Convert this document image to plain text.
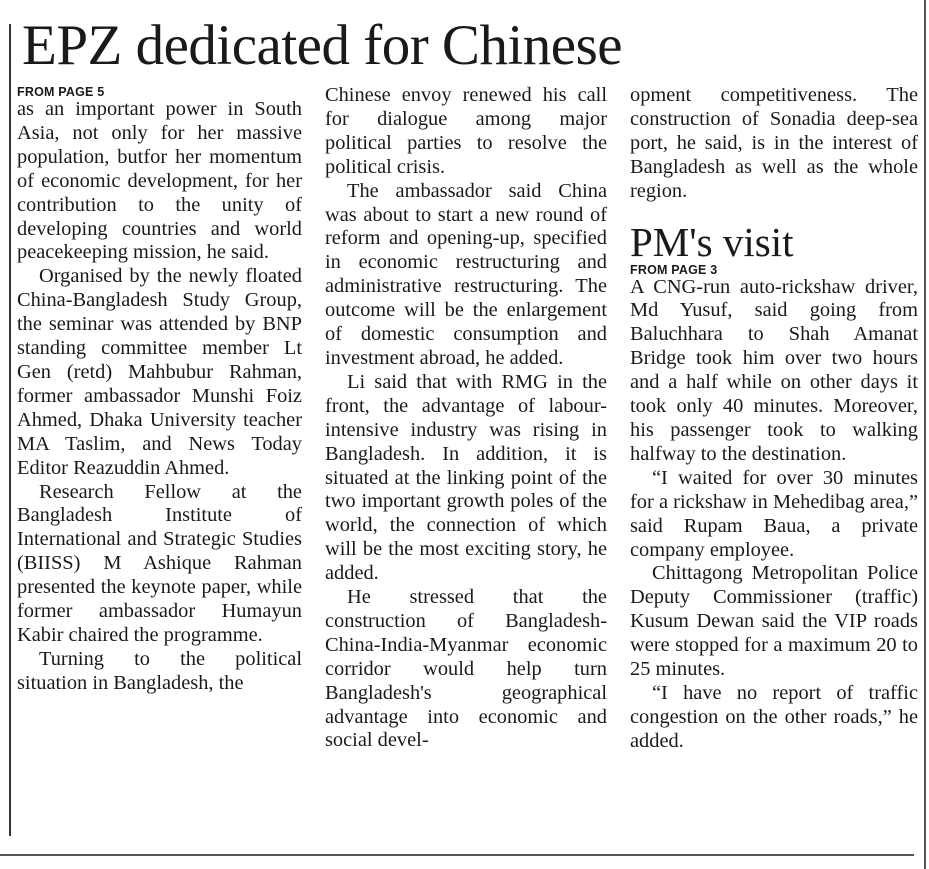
EPZ dedicated for Chinese
FROM PAGE 5

as an important power in South Asia, not only for her massive population, butfor her momentum of economic development, for her contribution to the unity of developing countries and world peacekeeping mission, he said.

Organised by the newly floated China-Bangladesh Study Group, the seminar was attended by BNP standing committee member Lt Gen (retd) Mahbubur Rahman, former ambassador Munshi Foiz Ahmed, Dhaka University teacher MA Taslim, and News Today Editor Reazuddin Ahmed.

Research Fellow at the Bangladesh Institute of International and Strategic Studies (BIISS) M Ashique Rahman presented the keynote paper, while former ambassador Humayun Kabir chaired the programme.

Turning to the political situation in Bangladesh, the

Chinese envoy renewed his call for dialogue among major political parties to resolve the political crisis.

The ambassador said China was about to start a new round of reform and opening-up, specified in economic restructuring and administrative restructuring. The outcome will be the enlargement of domestic consumption and investment abroad, he added.

Li said that with RMG in the front, the advantage of labour-intensive industry was rising in Bangladesh. In addition, it is situated at the linking point of the two important growth poles of the world, the connection of which will be the most exciting story, he added.

He stressed that the construction of Bangladesh-China-India-Myanmar economic corridor would help turn Bangladesh's geographical advantage into economic and social devel-

opment competitiveness. The construction of Sonadia deep-sea port, he said, is in the interest of Bangladesh as well as the whole region.

PM's visit
FROM PAGE 3

A CNG-run auto-rickshaw driver, Md Yusuf, said going from Baluchhara to Shah Amanat Bridge took him over two hours and a half while on other days it took only 40 minutes. Moreover, his passenger took to walking halfway to the destination.

“I waited for over 30 minutes for a rickshaw in Mehedibag area,” said Rupam Baua, a private company employee.

Chittagong Metropolitan Police Deputy Commissioner (traffic) Kusum Dewan said the VIP roads were stopped for a maximum 20 to 25 minutes.

“I have no report of traffic congestion on the other roads,” he added.
